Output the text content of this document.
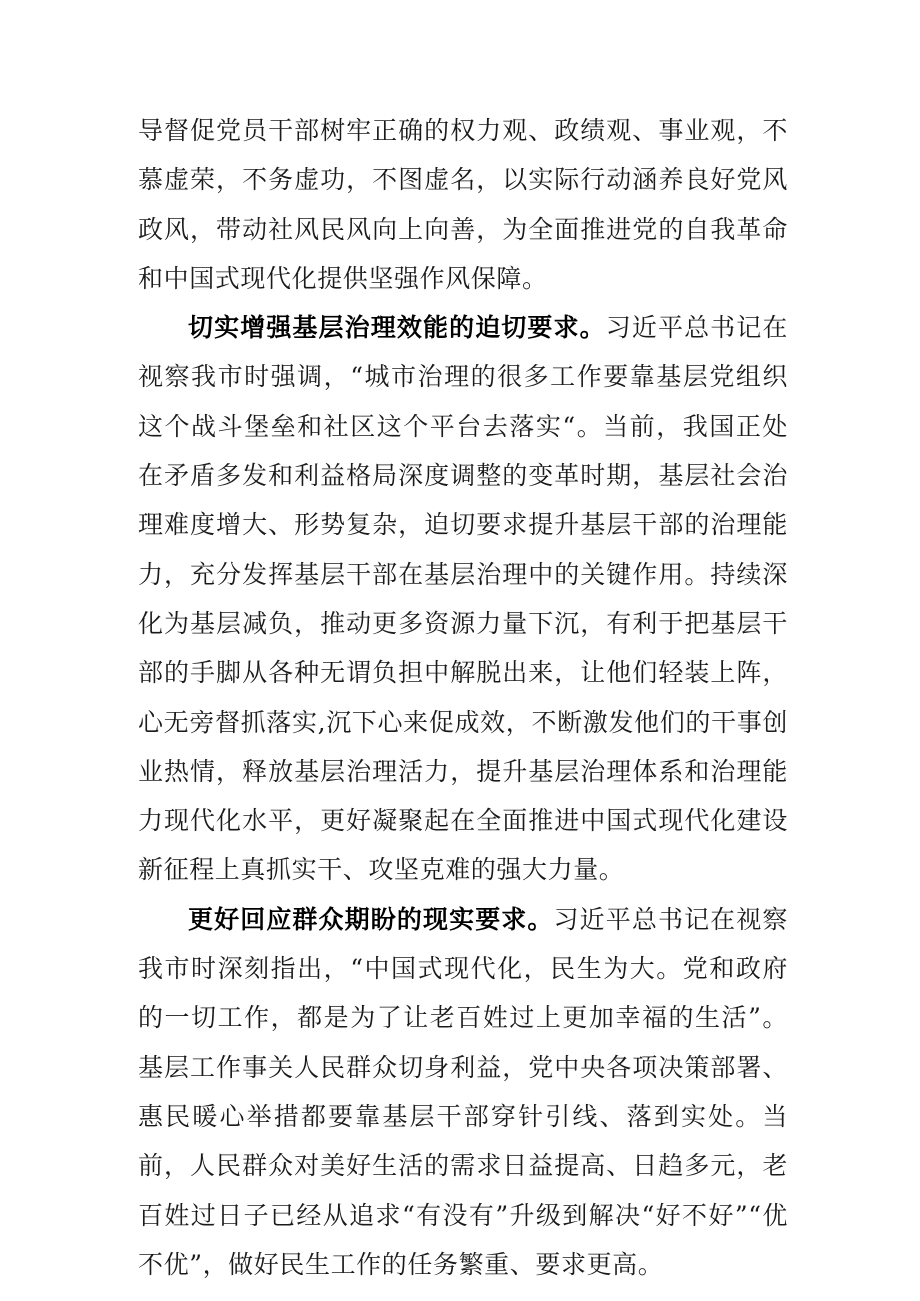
导督促党员干部树牢正确的权力观、政绩观、事业观，不慕虚荣，不务虚功，不图虚名，以实际行动涵养良好党风政风，带动社风民风向上向善，为全面推进党的自我革命和中国式现代化提供坚强作风保障。

切实增强基层治理效能的迫切要求。习近平总书记在视察我市时强调，“城市治理的很多工作要靠基层党组织这个战斗堡垒和社区这个平台去落实“。当前，我国正处在矛盾多发和利益格局深度调整的变革时期，基层社会治理难度增大、形势复杂，迫切要求提升基层干部的治理能力，充分发挥基层干部在基层治理中的关键作用。持续深化为基层减负，推动更多资源力量下沉，有利于把基层干部的手脚从各种无谓负担中解脱出来，让他们轻装上阵，心无旁督抓落实,沉下心来促成效，不断激发他们的干事创业热情，释放基层治理活力，提升基层治理体系和治理能力现代化水平，更好凝聚起在全面推进中国式现代化建设新征程上真抓实干、攻坚克难的强大力量。

更好回应群众期盼的现实要求。习近平总书记在视察我市时深刻指出，“中国式现代化，民生为大。党和政府的一切工作，都是为了让老百姓过上更加幸福的生活”。基层工作事关人民群众切身利益，党中央各项决策部署、惠民暖心举措都要靠基层干部穿针引线、落到实处。当前，人民群众对美好生活的需求日益提高、日趋多元，老百姓过日子已经从追求“有没有”升级到解决“好不好”“优不优”，做好民生工作的任务繁重、要求更高。
